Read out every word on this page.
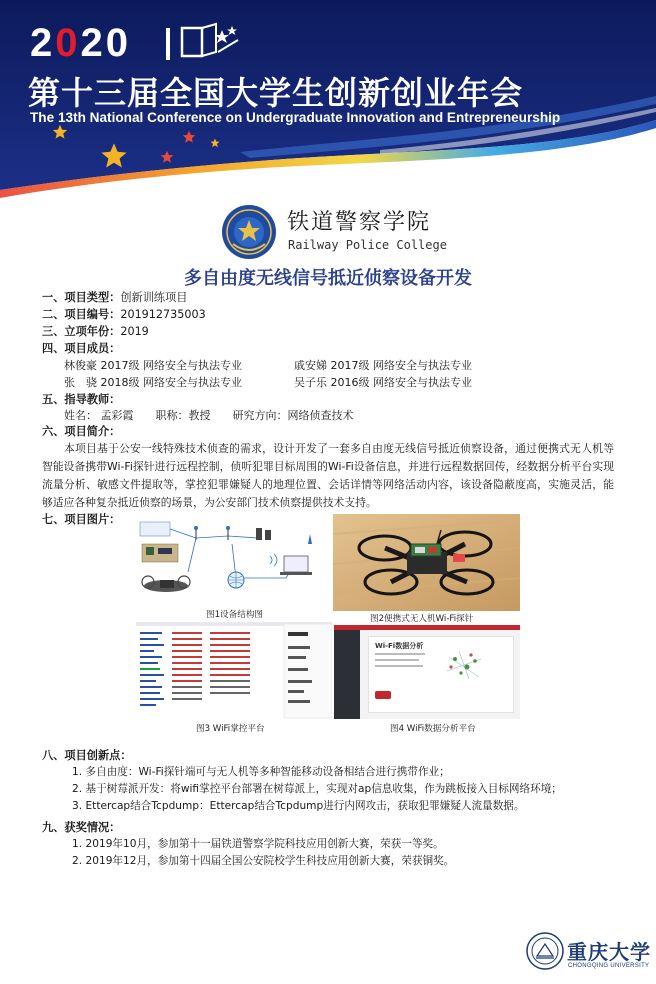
2020
第十三届全国大学生创新创业年会
The 13th National Conference on Undergraduate Innovation and Entrepreneurship
铁道警察学院
Railway Police College
多自由度无线信号抵近侦察设备开发
一、项目类型：创新训练项目
二、项目编号：201912735003
三、立项年份：2019
四、项目成员：
林俊豪 2017级 网络安全与执法专业	戚安娣 2017级 网络安全与执法专业
张　骁 2018级 网络安全与执法专业	吴子乐 2016级 网络安全与执法专业
五、指导教师：
姓名： 孟彩霞　　职称：教授　　研究方向：网络侦查技术
六、项目简介：
本项目基于公安一线特殊技术侦查的需求，设计开发了一套多自由度无线信号抵近侦察设备，通过便携式无人机等智能设备携带Wi-Fi探针进行远程控制，侦听犯罪目标周围的Wi-Fi设备信息，并进行远程数据回传，经数据分析平台实现流量分析、敏感文件提取等，掌控犯罪嫌疑人的地理位置、会话详情等网络活动内容，该设备隐蔽度高，实施灵活，能够适应各种复杂抵近侦察的场景，为公安部门技术侦察提供技术支持。
七、项目图片：
图1设备结构图	图2便携式无人机Wi-Fi探针
图3 WiFi掌控平台
Wi-Fi数据分析
图4 WiFi数据分析平台
八、项目创新点：
1. 多自由度：Wi-Fi探针端可与无人机等多种智能移动设备相结合进行携带作业；
2. 基于树莓派开发：将wifi掌控平台部署在树莓派上，实现对ap信息收集，作为跳板接入目标网络环境；
3. Ettercap结合Tcpdump：Ettercap结合Tcpdump进行内网攻击，获取犯罪嫌疑人流量数据。
九、获奖情况：
1. 2019年10月，参加第十一届铁道警察学院科技应用创新大赛，荣获一等奖。
2. 2019年12月，参加第十四届全国公安院校学生科技应用创新大赛，荣获铜奖。
重庆大学
CHONGQING UNIVERSITY
